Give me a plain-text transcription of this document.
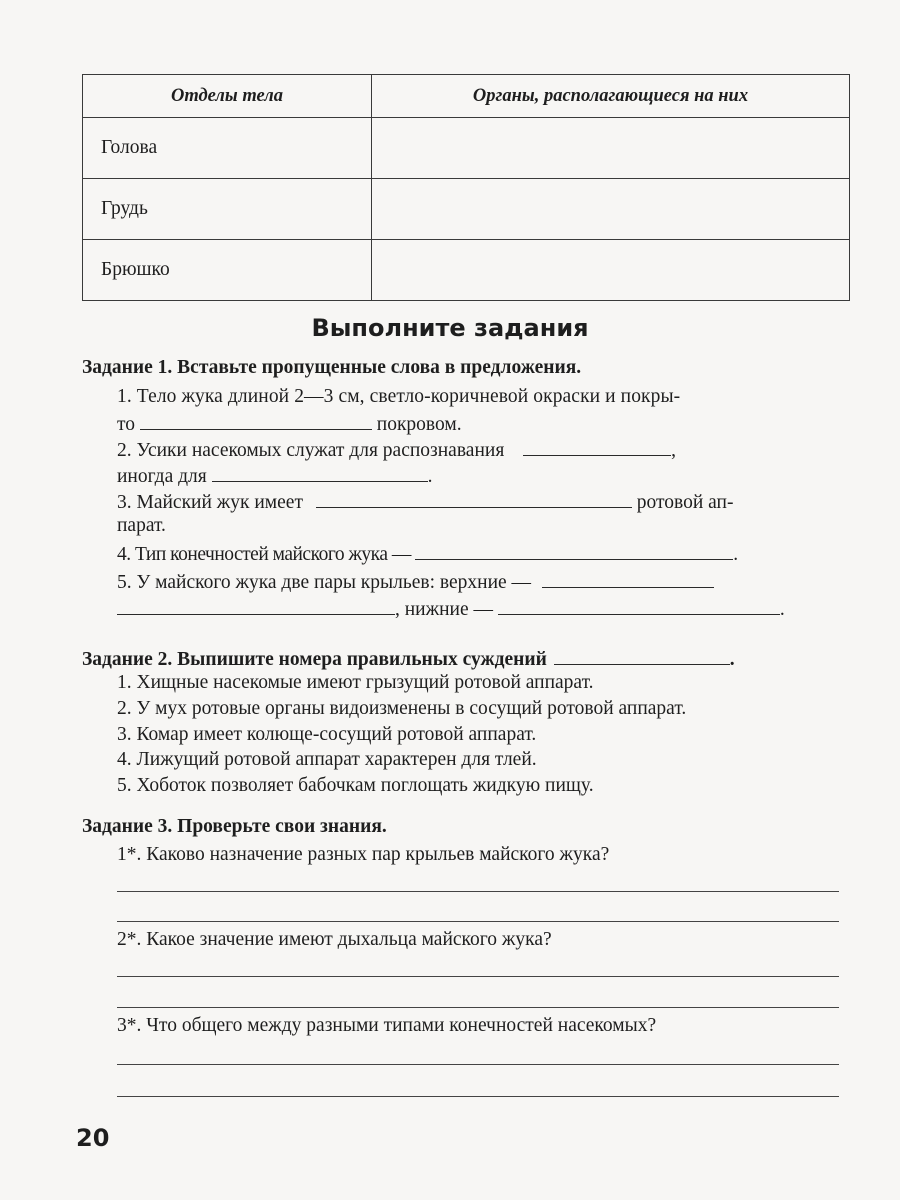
Отделы тела	Органы, располагающиеся на них
Голова	
Грудь	
Брюшко	
Выполните задания
Задание 1. Вставьте пропущенные слова в предложения.
1. Тело жука длиной 2—3 см, светло-коричневой окраски и покры-
то	покровом.
2. Усики насекомых служат для распознавания	,
иногда для	.
3. Майский жук имеет	ротовой ап-
парат.
4. Тип конечностей майского жука —	.
5. У майского жука две пары крыльев: верхние —
, нижние —	.
Задание 2. Выпишите номера правильных суждений	.
1. Хищные насекомые имеют грызущий ротовой аппарат.
2. У мух ротовые органы видоизменены в сосущий ротовой аппарат.
3. Комар имеет колюще-сосущий ротовой аппарат.
4. Лижущий ротовой аппарат характерен для тлей.
5. Хоботок позволяет бабочкам поглощать жидкую пищу.
Задание 3. Проверьте свои знания.
1*. Каково назначение разных пар крыльев майского жука?
2*. Какое значение имеют дыхальца майского жука?
3*. Что общего между разными типами конечностей насекомых?
20
